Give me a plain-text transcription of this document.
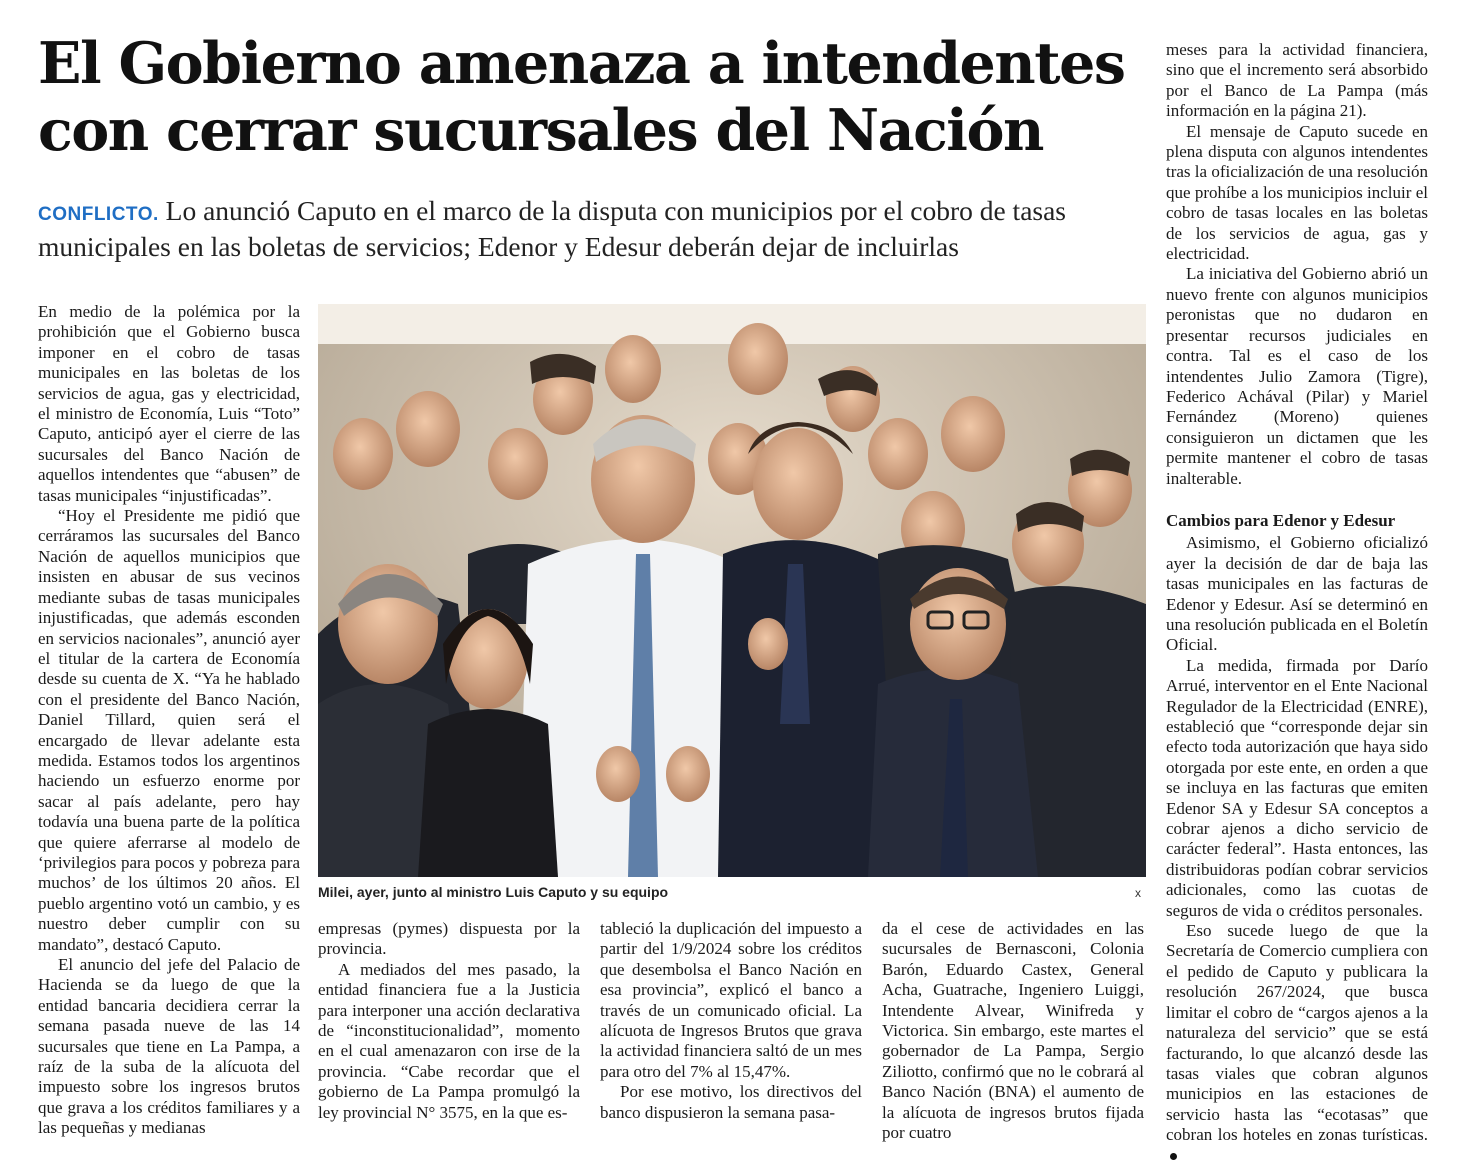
El Gobierno amenaza a intendentes
con cerrar sucursales del Nación

CONFLICTO. Lo anunció Caputo en el marco de la disputa con municipios por el cobro de tasas municipales en las boletas de servicios; Edenor y Edesur deberán dejar de incluirlas

En medio de la polémica por la prohibición que el Gobierno busca imponer en el cobro de tasas municipales en las boletas de los servicios de agua, gas y electricidad, el ministro de Economía, Luis “Toto” Caputo, anticipó ayer el cierre de las sucursales del Banco Nación de aquellos intendentes que “abusen” de tasas municipales “injustificadas”.

“Hoy el Presidente me pidió que cerráramos las sucursales del Banco Nación de aquellos municipios que insisten en abusar de sus vecinos mediante subas de tasas municipales injustificadas, que además esconden en servicios nacionales”, anunció ayer el titular de la cartera de Economía desde su cuenta de X. “Ya he hablado con el presidente del Banco Nación, Daniel Tillard, quien será el encargado de llevar adelante esta medida. Estamos todos los argentinos haciendo un esfuerzo enorme por sacar al país adelante, pero hay todavía una buena parte de la política que quiere aferrarse al modelo de ‘privilegios para pocos y pobreza para muchos’ de los últimos 20 años. El pueblo argentino votó un cambio, y es nuestro deber cumplir con su mandato”, destacó Caputo.

El anuncio del jefe del Palacio de Hacienda se da luego de que la entidad bancaria decidiera cerrar la semana pasada nueve de las 14 sucursales que tiene en La Pampa, a raíz de la suba de la alícuota del impuesto sobre los ingresos brutos que grava a los créditos familiares y a las pequeñas y medianas

Milei, ayer, junto al ministro Luis Caputo y su equipo	x

empresas (pymes) dispuesta por la provincia.

A mediados del mes pasado, la entidad financiera fue a la Justicia para interponer una acción declarativa de “inconstitucionalidad”, momento en el cual amenazaron con irse de la provincia. “Cabe recordar que el gobierno de La Pampa promulgó la ley provincial N° 3575, en la que es-

tableció la duplicación del impuesto a partir del 1/9/2024 sobre los créditos que desembolsa el Banco Nación en esa provincia”, explicó el banco a través de un comunicado oficial. La alícuota de Ingresos Brutos que grava la actividad financiera saltó de un mes para otro del 7% al 15,47%.

Por ese motivo, los directivos del banco dispusieron la semana pasa-

da el cese de actividades en las sucursales de Bernasconi, Colonia Barón, Eduardo Castex, General Acha, Guatrache, Ingeniero Luiggi, Intendente Alvear, Winifreda y Victorica. Sin embargo, este martes el gobernador de La Pampa, Sergio Ziliotto, confirmó que no le cobrará al Banco Nación (BNA) el aumento de la alícuota de ingresos brutos fijada por cuatro

meses para la actividad financiera, sino que el incremento será absorbido por el Banco de La Pampa (más información en la página 21).

El mensaje de Caputo sucede en plena disputa con algunos intendentes tras la oficialización de una resolución que prohíbe a los municipios incluir el cobro de tasas locales en las boletas de los servicios de agua, gas y electricidad.

La iniciativa del Gobierno abrió un nuevo frente con algunos municipios peronistas que no dudaron en presentar recursos judiciales en contra. Tal es el caso de los intendentes Julio Zamora (Tigre), Federico Achával (Pilar) y Mariel Fernández (Moreno) quienes consiguieron un dictamen que les permite mantener el cobro de tasas inalterable.

Cambios para Edenor y Edesur

Asimismo, el Gobierno oficializó ayer la decisión de dar de baja las tasas municipales en las facturas de Edenor y Edesur. Así se determinó en una resolución publicada en el Boletín Oficial.

La medida, firmada por Darío Arrué, interventor en el Ente Nacional Regulador de la Electricidad (ENRE), estableció que “corresponde dejar sin efecto toda autorización que haya sido otorgada por este ente, en orden a que se incluya en las facturas que emiten Edenor SA y Edesur SA conceptos a cobrar ajenos a dicho servicio de carácter federal”. Hasta entonces, las distribuidoras podían cobrar servicios adicionales, como las cuotas de seguros de vida o créditos personales.

Eso sucede luego de que la Secretaría de Comercio cumpliera con el pedido de Caputo y publicara la resolución 267/2024, que busca limitar el cobro de “cargos ajenos a la naturaleza del servicio” que se está facturando, lo que alcanzó desde las tasas viales que cobran algunos municipios en las estaciones de servicio hasta las “ecotasas” que cobran los hoteles en zonas turísticas.
